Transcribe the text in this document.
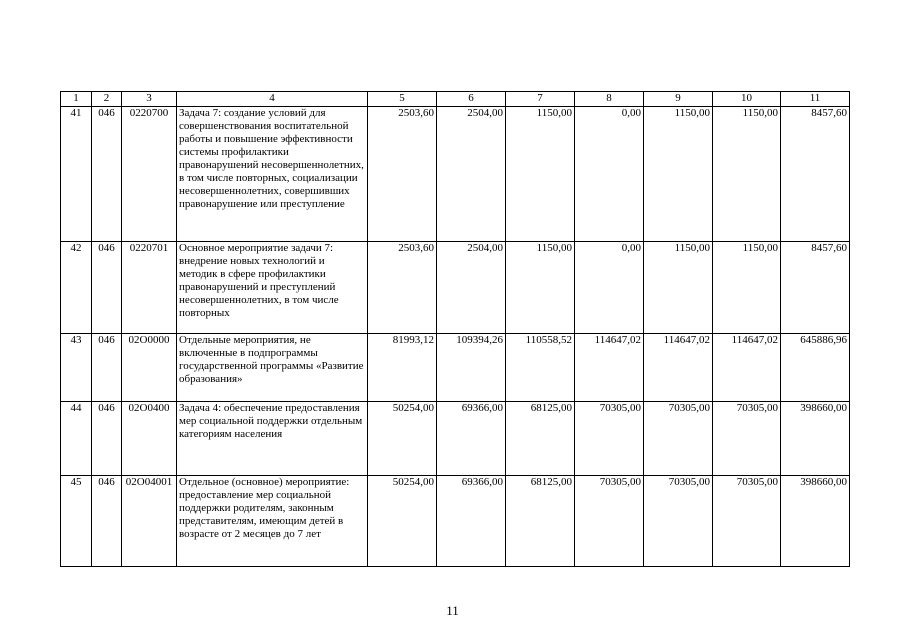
1	2	3	4	5	6	7	8	9	10	11
41	046	0220700	Задача 7: создание условий для совершенствования воспитательной работы и повышение эффективности системы профилактики правонарушений несовершеннолетних, в том числе повторных, социализации несовершеннолетних, совершивших правонарушение или преступление	2503,60	2504,00	1150,00	0,00	1150,00	1150,00	8457,60
42	046	0220701	Основное мероприятие задачи 7: внедрение новых технологий и методик в сфере профилактики правонарушений и преступлений несовершеннолетних, в том числе повторных	2503,60	2504,00	1150,00	0,00	1150,00	1150,00	8457,60
43	046	02О0000	Отдельные мероприятия, не включенные в подпрограммы государственной программы «Развитие образования»	81993,12	109394,26	110558,52	114647,02	114647,02	114647,02	645886,96
44	046	02О0400	Задача 4: обеспечение предоставления мер социальной поддержки отдельным категориям населения	50254,00	69366,00	68125,00	70305,00	70305,00	70305,00	398660,00
45	046	02О04001	Отдельное (основное) мероприятие: предоставление мер социальной поддержки родителям, законным представителям, имеющим детей в возрасте от 2 месяцев до 7 лет	50254,00	69366,00	68125,00	70305,00	70305,00	70305,00	398660,00
11
